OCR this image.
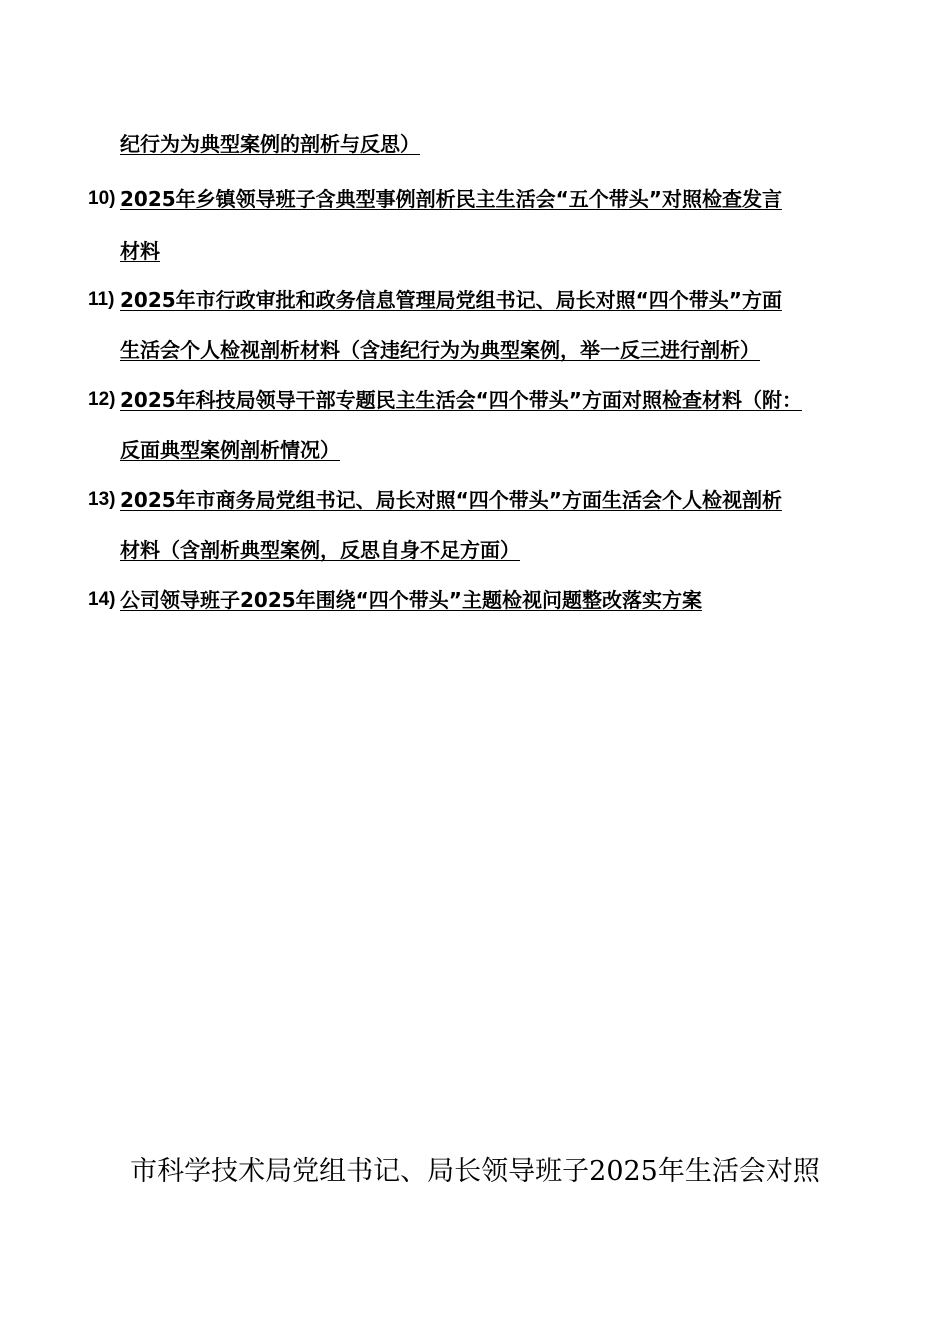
纪行为为典型案例的剖析与反思）
10) 2025年乡镇领导班子含典型事例剖析民主生活会“五个带头”对照检查发言
材料
11) 2025年市行政审批和政务信息管理局党组书记、局长对照“四个带头”方面
生活会个人检视剖析材料（含违纪行为为典型案例，举一反三进行剖析）
12) 2025年科技局领导干部专题民主生活会“四个带头”方面对照检查材料（附：
反面典型案例剖析情况）
13) 2025年市商务局党组书记、局长对照“四个带头”方面生活会个人检视剖析
材料（含剖析典型案例，反思自身不足方面）
14) 公司领导班子2025年围绕“四个带头”主题检视问题整改落实方案
市科学技术局党组书记、局长领导班子2025年生活会对照
